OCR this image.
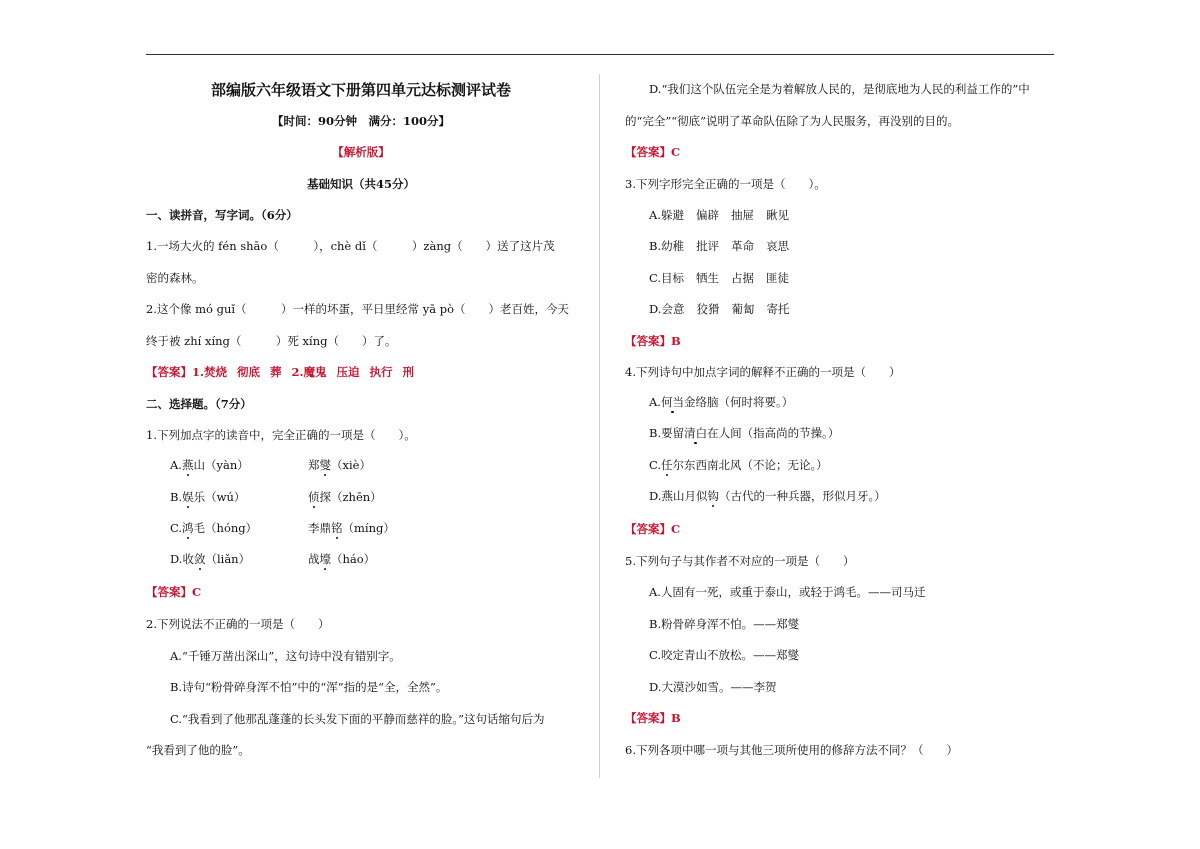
部编版六年级语文下册第四单元达标测评试卷
【时间：90分钟　满分：100分】
【解析版】
基础知识（共45分）
一、读拼音，写字词。（6分）
1.一场大火的 fén shāo（　　　），chè dǐ（　　　）zàng（　　）送了这片茂
密的森林。
2.这个像 mó guǐ（　　　）一样的坏蛋，平日里经常 yā pò（　　）老百姓，今天
终于被 zhí xíng（　　　）死 xíng（　　）了。
【答案】1.焚烧 彻底 葬 2.魔鬼 压迫 执行 刑
二、选择题。（7分）
1.下列加点字的读音中，完全正确的一项是（　　）。
A.燕山（yàn）	郑燮（xiè）
B.娱乐（wú）	侦探（zhēn）
C.鸿毛（hóng）	李鼎铭（míng）
D.收敛（liǎn）	战壕（háo）
【答案】C
2.下列说法不正确的一项是（　　）
A.“千锤万凿出深山”，这句诗中没有错别字。
B.诗句“粉骨碎身浑不怕”中的“浑”指的是“全，全然”。
C.“我看到了他那乱蓬蓬的长头发下面的平静而慈祥的脸。”这句话缩句后为
“我看到了他的脸”。
D.“我们这个队伍完全是为着解放人民的，是彻底地为人民的利益工作的”中
的“完全”“彻底”说明了革命队伍除了为人民服务，再没别的目的。
【答案】C
3.下列字形完全正确的一项是（　　）。
A.躲避 偏辟 抽屉 瞅见
B.幼稚 批评 革命 哀思
C.目标 牺生 占据 匪徒
D.会意 狡猾 葡匐 寄托
【答案】B
4.下列诗句中加点字词的解释不正确的一项是（　　）
A.何当金络脑（何时将要。）
B.要留清白在人间（指高尚的节操。）
C.任尔东西南北风（不论；无论。）
D.燕山月似钩（古代的一种兵器，形似月牙。）
【答案】C
5.下列句子与其作者不对应的一项是（　　）
A.人固有一死，或重于泰山，或轻于鸿毛。——司马迁
B.粉骨碎身浑不怕。——郑燮
C.咬定青山不放松。——郑燮
D.大漠沙如雪。——李贺
【答案】B
6.下列各项中哪一项与其他三项所使用的修辞方法不同？（　　）
